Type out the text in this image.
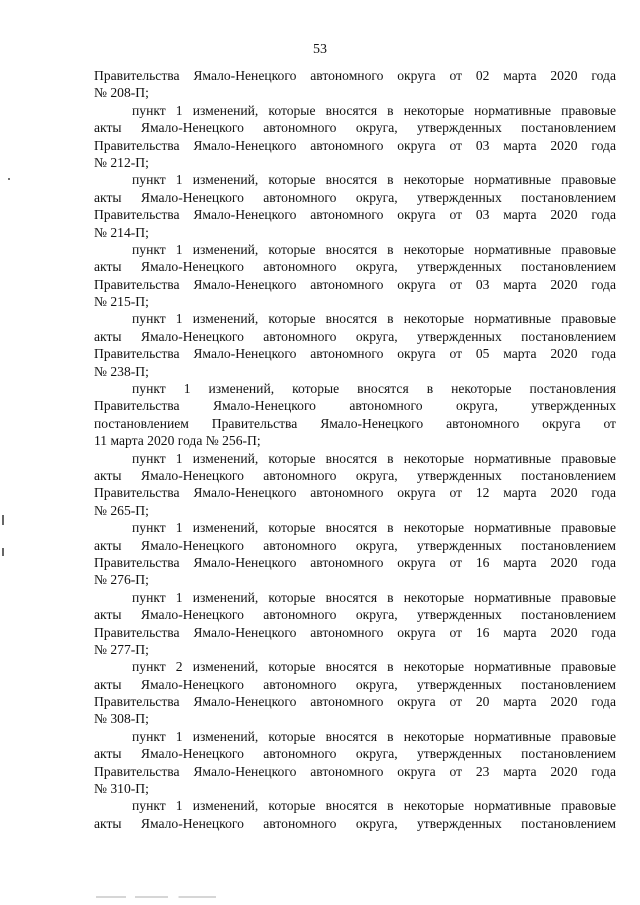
53
Правительства Ямало-Ненецкого автономного округа от 02 марта 2020 года
№ 208-П;
пункт 1 изменений, которые вносятся в некоторые нормативные правовые
акты Ямало-Ненецкого автономного округа, утвержденных постановлением
Правительства Ямало-Ненецкого автономного округа от 03 марта 2020 года
№ 212-П;
пункт 1 изменений, которые вносятся в некоторые нормативные правовые
акты Ямало-Ненецкого автономного округа, утвержденных постановлением
Правительства Ямало-Ненецкого автономного округа от 03 марта 2020 года
№ 214-П;
пункт 1 изменений, которые вносятся в некоторые нормативные правовые
акты Ямало-Ненецкого автономного округа, утвержденных постановлением
Правительства Ямало-Ненецкого автономного округа от 03 марта 2020 года
№ 215-П;
пункт 1 изменений, которые вносятся в некоторые нормативные правовые
акты Ямало-Ненецкого автономного округа, утвержденных постановлением
Правительства Ямало-Ненецкого автономного округа от 05 марта 2020 года
№ 238-П;
пункт 1 изменений, которые вносятся в некоторые постановления
Правительства Ямало-Ненецкого автономного округа, утвержденных
постановлением Правительства Ямало-Ненецкого автономного округа от
11 марта 2020 года № 256-П;
пункт 1 изменений, которые вносятся в некоторые нормативные правовые
акты Ямало-Ненецкого автономного округа, утвержденных постановлением
Правительства Ямало-Ненецкого автономного округа от 12 марта 2020 года
№ 265-П;
пункт 1 изменений, которые вносятся в некоторые нормативные правовые
акты Ямало-Ненецкого автономного округа, утвержденных постановлением
Правительства Ямало-Ненецкого автономного округа от 16 марта 2020 года
№ 276-П;
пункт 1 изменений, которые вносятся в некоторые нормативные правовые
акты Ямало-Ненецкого автономного округа, утвержденных постановлением
Правительства Ямало-Ненецкого автономного округа от 16 марта 2020 года
№ 277-П;
пункт 2 изменений, которые вносятся в некоторые нормативные правовые
акты Ямало-Ненецкого автономного округа, утвержденных постановлением
Правительства Ямало-Ненецкого автономного округа от 20 марта 2020 года
№ 308-П;
пункт 1 изменений, которые вносятся в некоторые нормативные правовые
акты Ямало-Ненецкого автономного округа, утвержденных постановлением
Правительства Ямало-Ненецкого автономного округа от 23 марта 2020 года
№ 310-П;
пункт 1 изменений, которые вносятся в некоторые нормативные правовые
акты Ямало-Ненецкого автономного округа, утвержденных постановлением
